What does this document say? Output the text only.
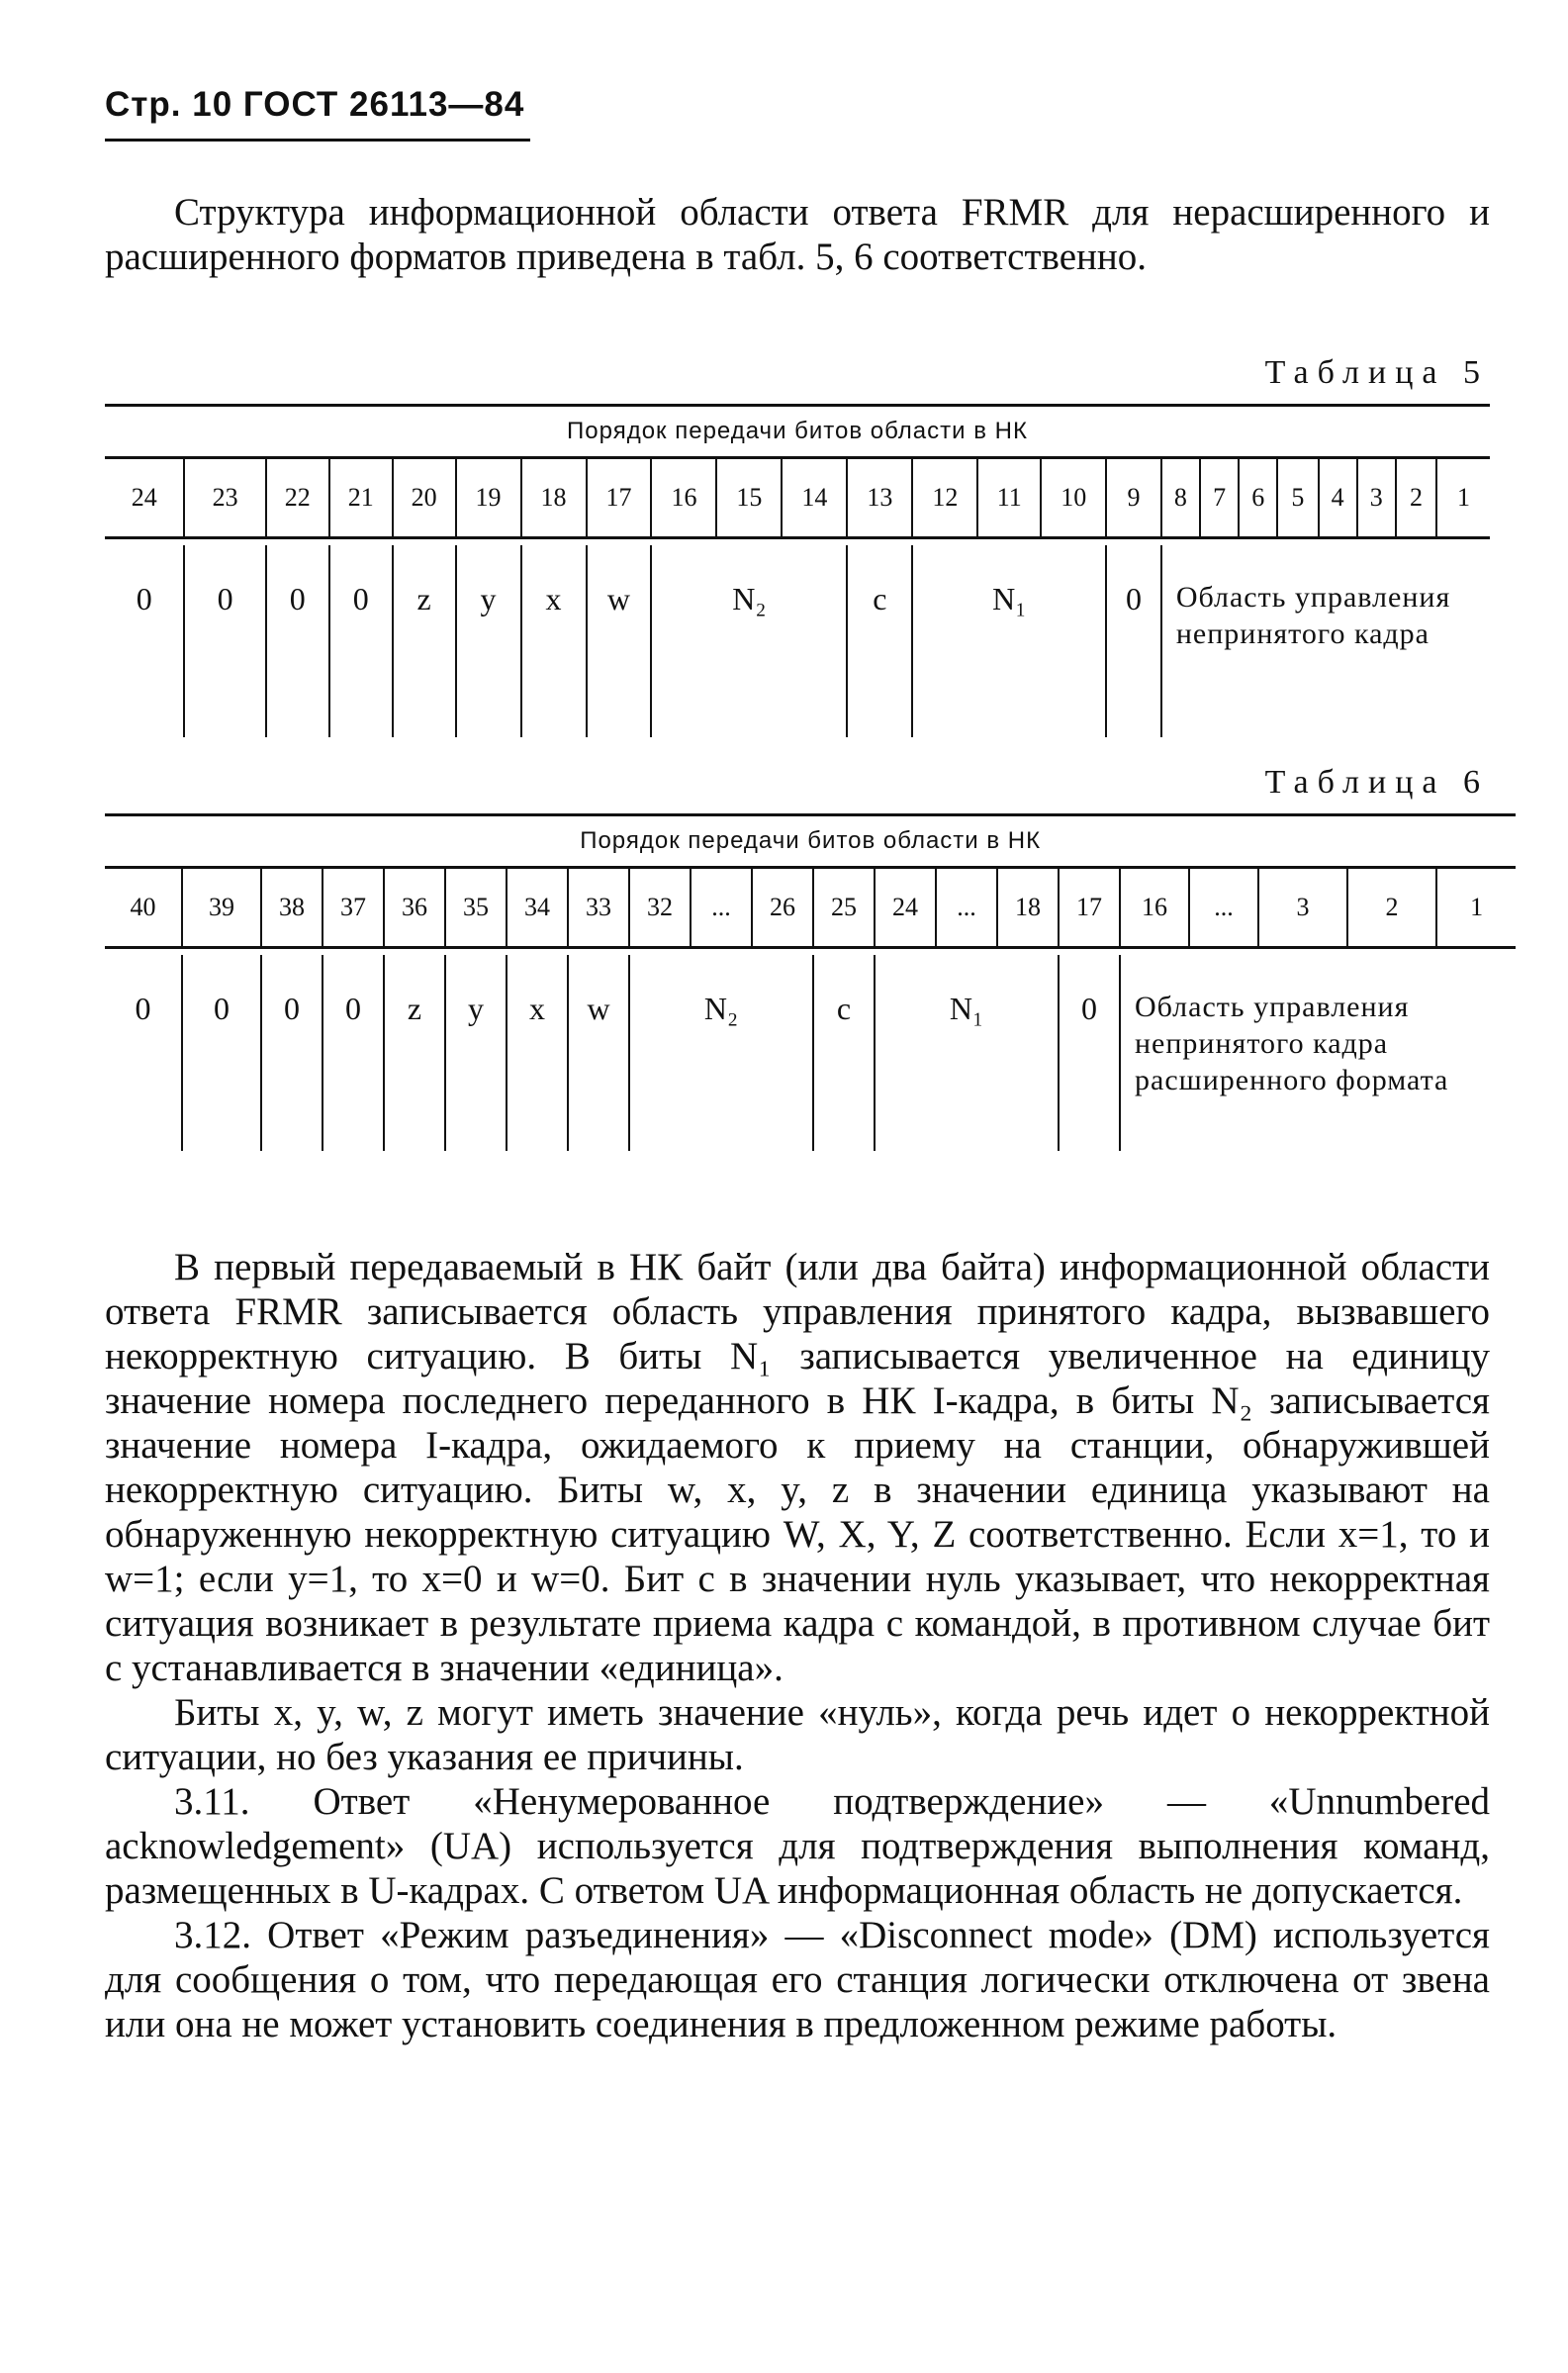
Стр. 10 ГОСТ 26113—84
Структура информационной области ответа FRMR для нерасширенного и расширенного форматов приведена в табл. 5, 6 соответственно.
Таблица 5
Порядок передачи битов области в НК																							
24	23	22	21	20	19	18	17	16	15	14	13	12	11	10	9	8	7	6	5	4	3	2	1

0	0	0	0	z	y	x	w	N₂			c	N₁			0	Область управления непринятого кадра							
Таблица 6
Порядок передачи битов области в НК																				
40	39	38	37	36	35	34	33	32	...	26	25	24	...	18	17	16	...	3	2	1

0	0	0	0	z	y	x	w	N₂			c	N₁			0	Область управления непринятого кадра расширенного формата				

В первый передаваемый в НК байт (или два байта) информационной области ответа FRMR записывается область управления принятого кадра, вызвавшего некорректную ситуацию. В биты N₁ записывается увеличенное на единицу значение номера последнего переданного в НК I-кадра, в биты N₂ записывается значение номера I-кадра, ожидаемого к приему на станции, обнаружившей некорректную ситуацию. Биты w, x, y, z в значении единица указывают на обнаруженную некорректную ситуацию W, X, Y, Z соответственно. Если x=1, то и w=1; если y=1, то x=0 и w=0. Бит с в значении нуль указывает, что некорректная ситуация возникает в результате приема кадра с командой, в противном случае бит с устанавливается в значении «единица».

Биты x, y, w, z могут иметь значение «нуль», когда речь идет о некорректной ситуации, но без указания ее причины.

3.11. Ответ «Ненумерованное подтверждение» — «Unnumbered acknowledgement» (UA) используется для подтверждения выполнения команд, размещенных в U-кадрах. С ответом UA информационная область не допускается.

3.12. Ответ «Режим разъединения» — «Disconnect mode» (DM) используется для сообщения о том, что передающая его станция логически отключена от звена или она не может установить соединения в предложенном режиме работы.
